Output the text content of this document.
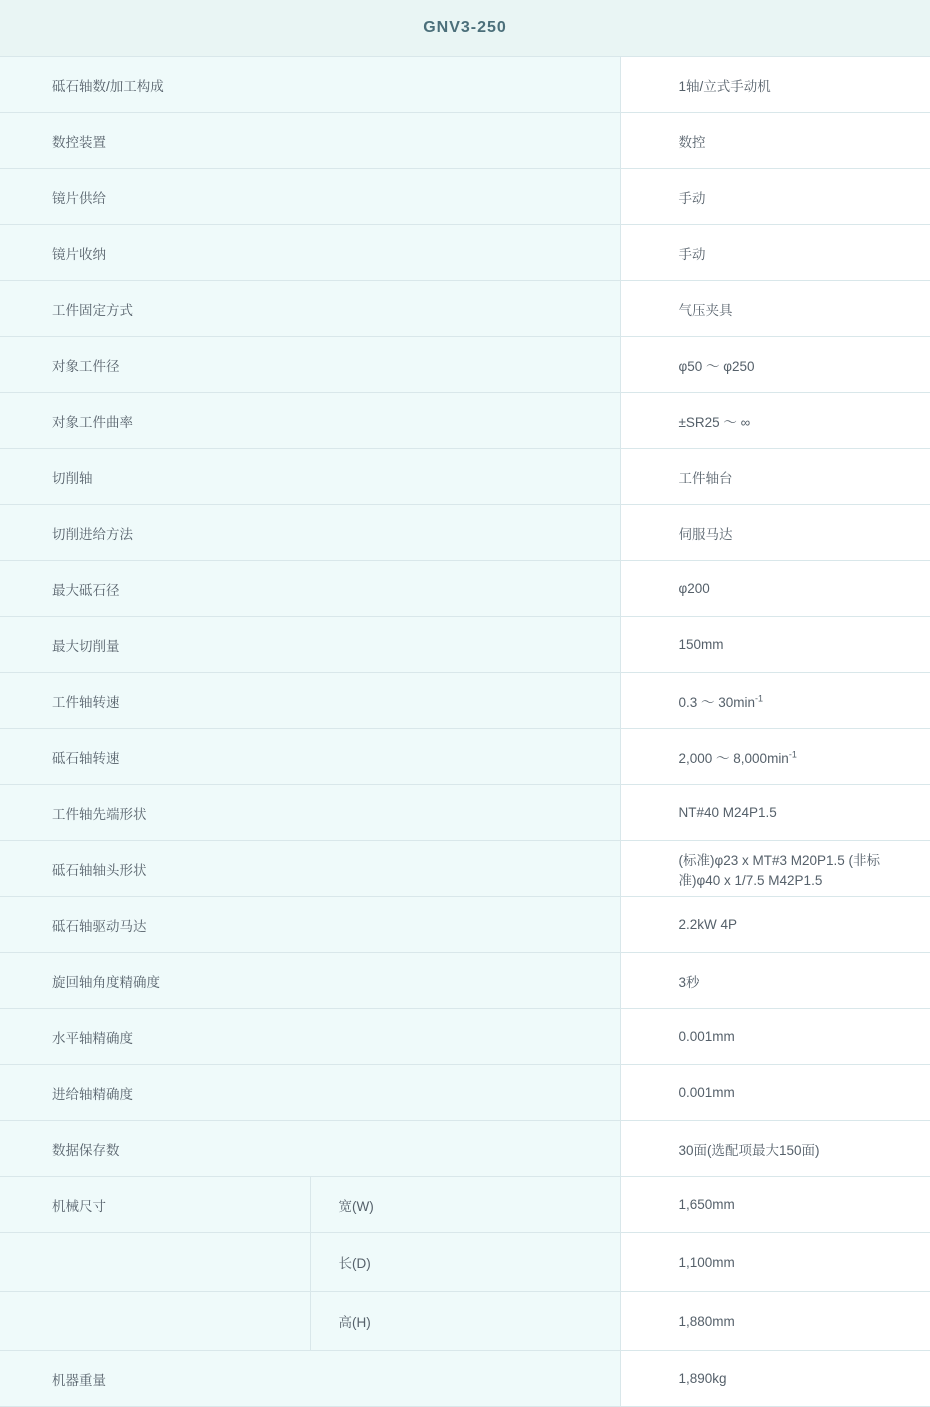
GNV3-250		
砥石轴数/加工构成		1轴/立式手动机
数控装置		数控
镜片供给		手动
镜片收纳		手动
工件固定方式		气压夹具
对象工件径		φ50 ～ φ250
对象工件曲率		±SR25 ～ ∞
切削轴		工件轴台
切削进给方法		伺服马达
最大砥石径		φ200
最大切削量		150mm
工件轴转速		0.3 ～ $30\min^{-1}$
砥石轴转速		2,000 ～ $8,000\min^{-1}$
工件轴先端形状		NT#40 M24P1.5
砥石轴轴头形状		(标准)φ23 x MT#3 M20P1.5 (非标准)φ40 x 1/7.5 M42P1.5
砥石轴驱动马达		2.2kW 4P
旋回轴角度精确度		3秒
水平轴精确度		0.001mm
进给轴精确度		0.001mm
数据保存数		30面(选配项最大150面)
机械尺寸	宽(W)	1,650mm
	长(D)	1,100mm
	高(H)	1,880mm
机器重量		1,890kg
